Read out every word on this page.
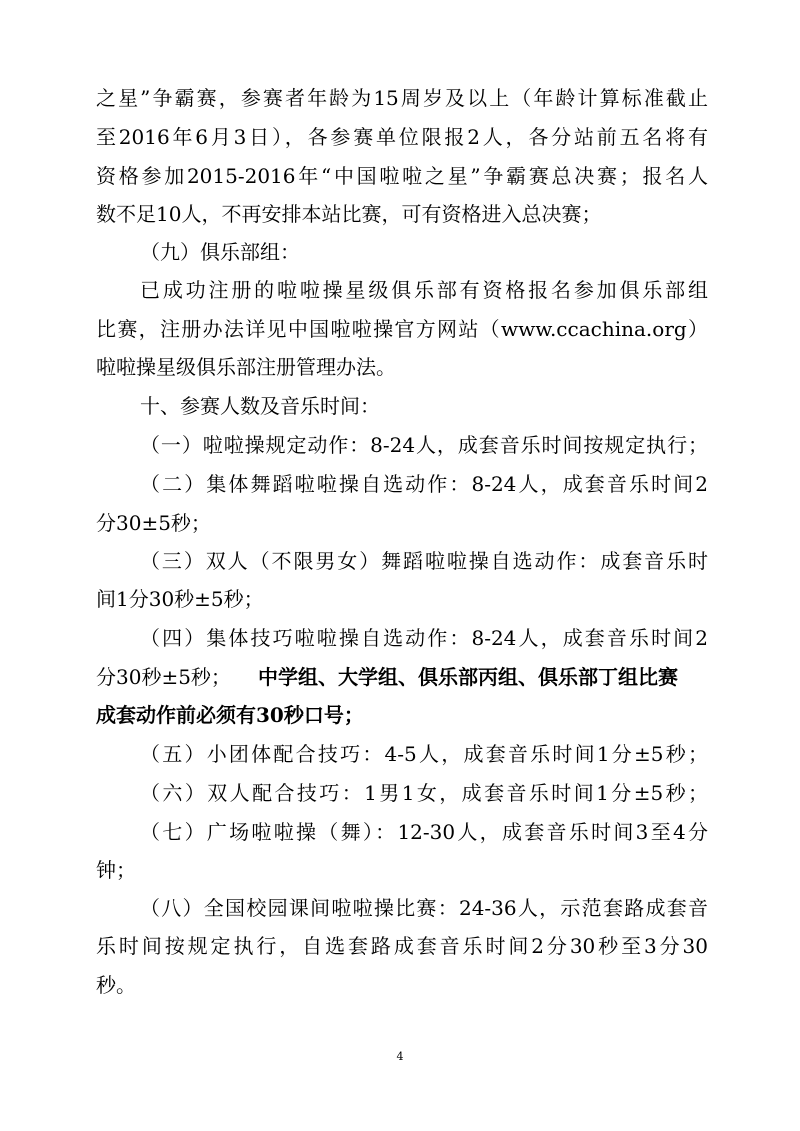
之星”争霸赛，参赛者年龄为15周岁及以上（年龄计算标准截止
至2016年6月3日），各参赛单位限报2人，各分站前五名将有
资格参加2015-2016年“中国啦啦之星”争霸赛总决赛；报名人
数不足10人，不再安排本站比赛，可有资格进入总决赛；
（九）俱乐部组：
已成功注册的啦啦操星级俱乐部有资格报名参加俱乐部组
比赛，注册办法详见中国啦啦操官方网站（www.ccachina.org）
啦啦操星级俱乐部注册管理办法。
十、参赛人数及音乐时间：
（一）啦啦操规定动作：8-24人，成套音乐时间按规定执行；
（二）集体舞蹈啦啦操自选动作：8-24人，成套音乐时间2
分30±5秒；
（三）双人（不限男女）舞蹈啦啦操自选动作：成套音乐时
间1分30秒±5秒；
（四）集体技巧啦啦操自选动作：8-24人，成套音乐时间2
分30秒±5秒； 中学组、大学组、俱乐部丙组、俱乐部丁组比赛
成套动作前必须有30秒口号；
（五）小团体配合技巧：4-5人，成套音乐时间1分±5秒；
（六）双人配合技巧：1男1女，成套音乐时间1分±5秒；
（七）广场啦啦操（舞）：12-30人，成套音乐时间3至4分
钟；
（八）全国校园课间啦啦操比赛：24-36人，示范套路成套音
乐时间按规定执行，自选套路成套音乐时间2分30秒至3分30
秒。
4
